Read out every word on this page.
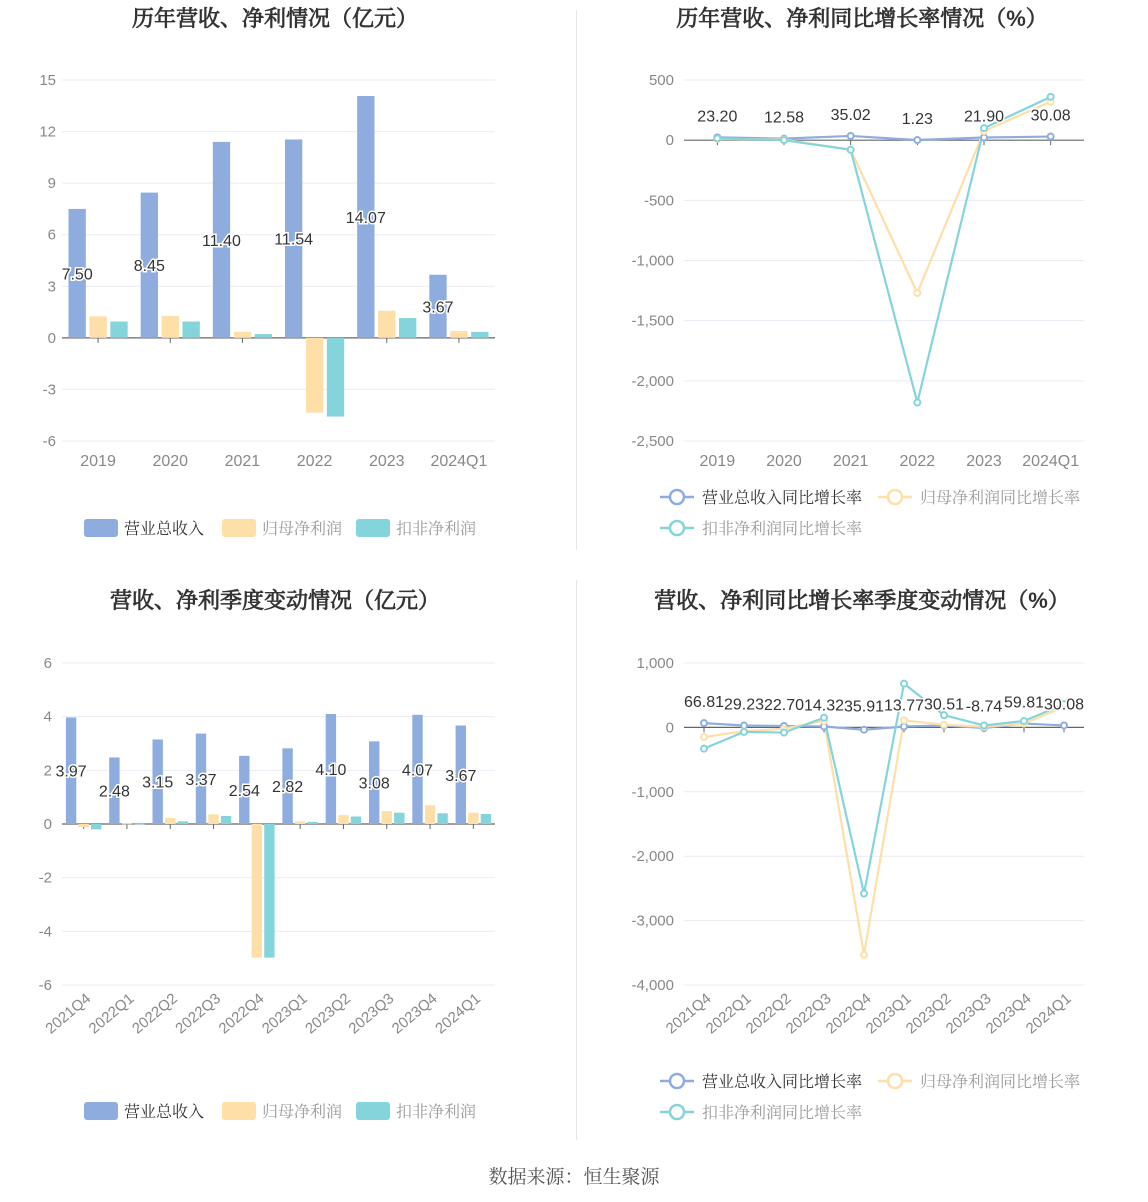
数据来源：恒生聚源
历年营收、净利情况（亿元）
15
12
9
6
3
0
-3
-6
2019 2020 2021 2022 2023 2024Q1
7.50	8.45
11.40 11.54
14.07
3.67
营业总收入	归母净利润	扣非净利润
历年营收、净利同比增长率情况（%）
500
0
-500
-1,000
-1,500
-2,000
-2,500
2019 2020 2021 2022 2023 2024Q1
23.20 12.58 35.02 1.23 21.90 30.08
营业总收入同比增长率	归母净利润同比增长率
扣非净利润同比增长率
营收、净利季度变动情况（亿元）
6
4
2
0
-2
-4
-6
2021Q4
2022Q1
2022Q2
2022Q3
2022Q4
2023Q1
2023Q2
2023Q3
2023Q4
2024Q1
3.97
2.48
3.15 3.37
2.54 2.82
4.10
3.08
4.07 3.67
营业总收入	归母净利润	扣非净利润
营收、净利同比增长率季度变动情况（%）
1,000
0
-1,000
-2,000
-3,000
-4,000
2021Q4
2022Q1
2022Q2
2022Q3
2022Q4
2023Q1
2023Q2
2023Q3
2023Q4
2024Q1
66.81 29.23 22.70 14.32 35.91 13.77 30.51 -8.74 59.81 30.08
营业总收入同比增长率	归母净利润同比增长率
扣非净利润同比增长率
